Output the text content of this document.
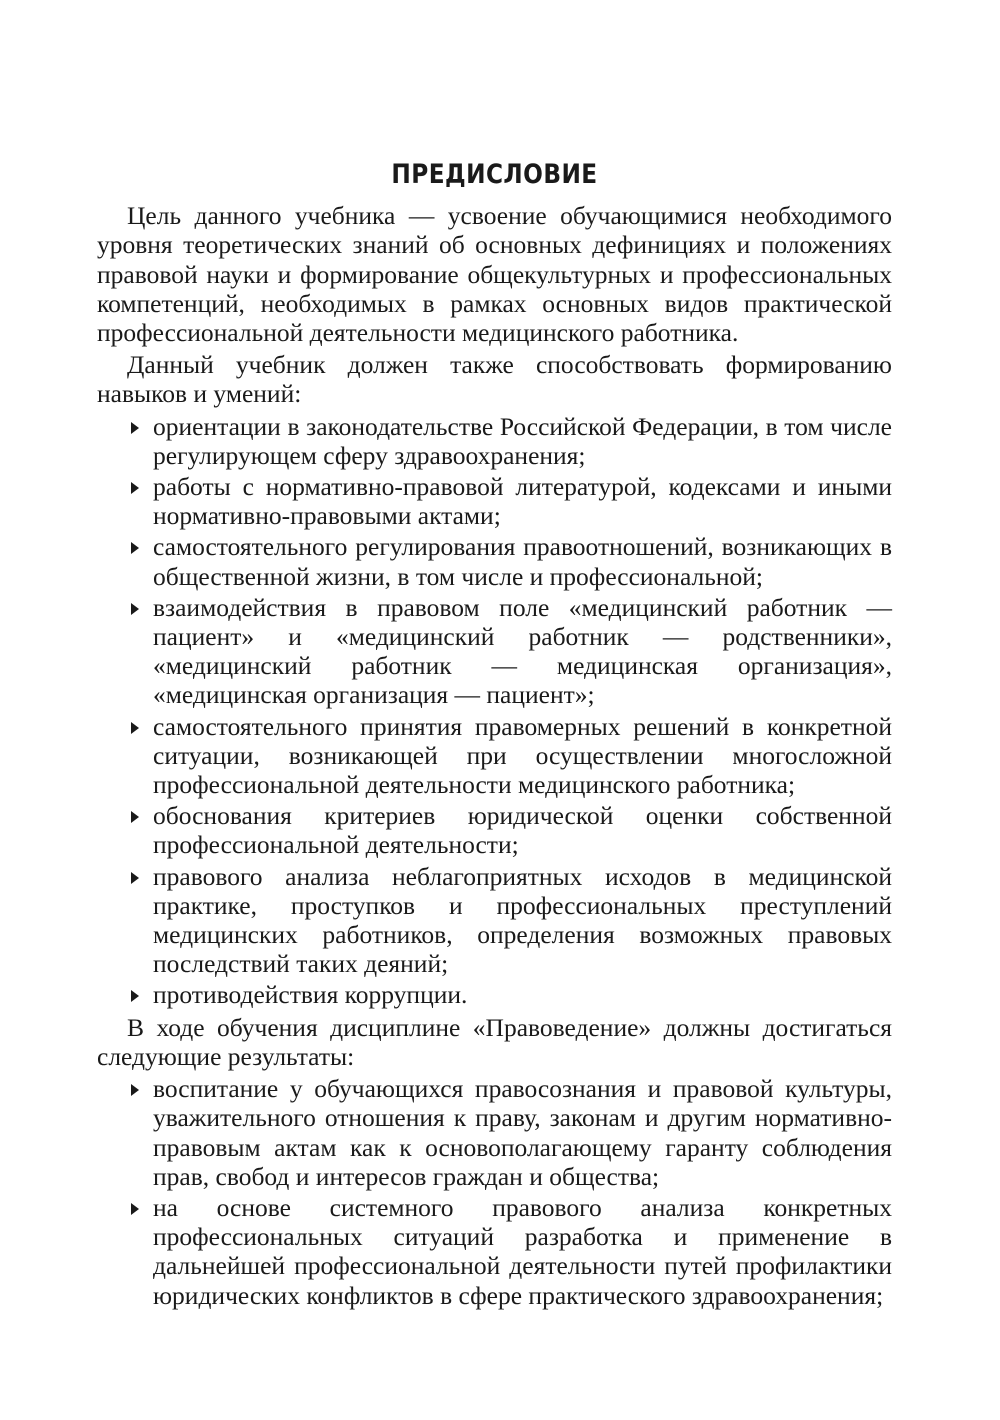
ПРЕДИСЛОВИЕ

Цель данного учебника — усвоение обучающимися необходимого уровня теоретических знаний об основных дефинициях и положениях правовой науки и формирование общекультурных и профессиональных компетенций, необходимых в рамках основных видов практической профессиональной деятельности медицинского работника.

Данный учебник должен также способствовать формированию навыков и умений:

ориентации в законодательстве Российской Федерации, в том числе регулирующем сферу здравоохранения;
работы с нормативно-правовой литературой, кодексами и иными нормативно-правовыми актами;
самостоятельного регулирования правоотношений, возникающих в общественной жизни, в том числе и профессиональной;
взаимодействия в правовом поле «медицинский работник — пациент» и «медицинский работник — родственники», «медицинский работник — медицинская организация», «медицинская организация — пациент»;
самостоятельного принятия правомерных решений в конкретной ситуации, возникающей при осуществлении многосложной профессиональной деятельности медицинского работника;
обоснования критериев юридической оценки собственной профессиональной деятельности;
правового анализа неблагоприятных исходов в медицинской практике, проступков и профессиональных преступлений медицинских работников, определения возможных правовых последствий таких деяний;
противодействия коррупции.

В ходе обучения дисциплине «Правоведение» должны достигаться следующие результаты:

воспитание у обучающихся правосознания и правовой культуры, уважительного отношения к праву, законам и другим нормативно-правовым актам как к основополагающему гаранту соблюдения прав, свобод и интересов граждан и общества;
на основе системного правового анализа конкретных профессиональных ситуаций разработка и применение в дальнейшей профессиональной деятельности путей профилактики юридических конфликтов в сфере практического здравоохранения;
